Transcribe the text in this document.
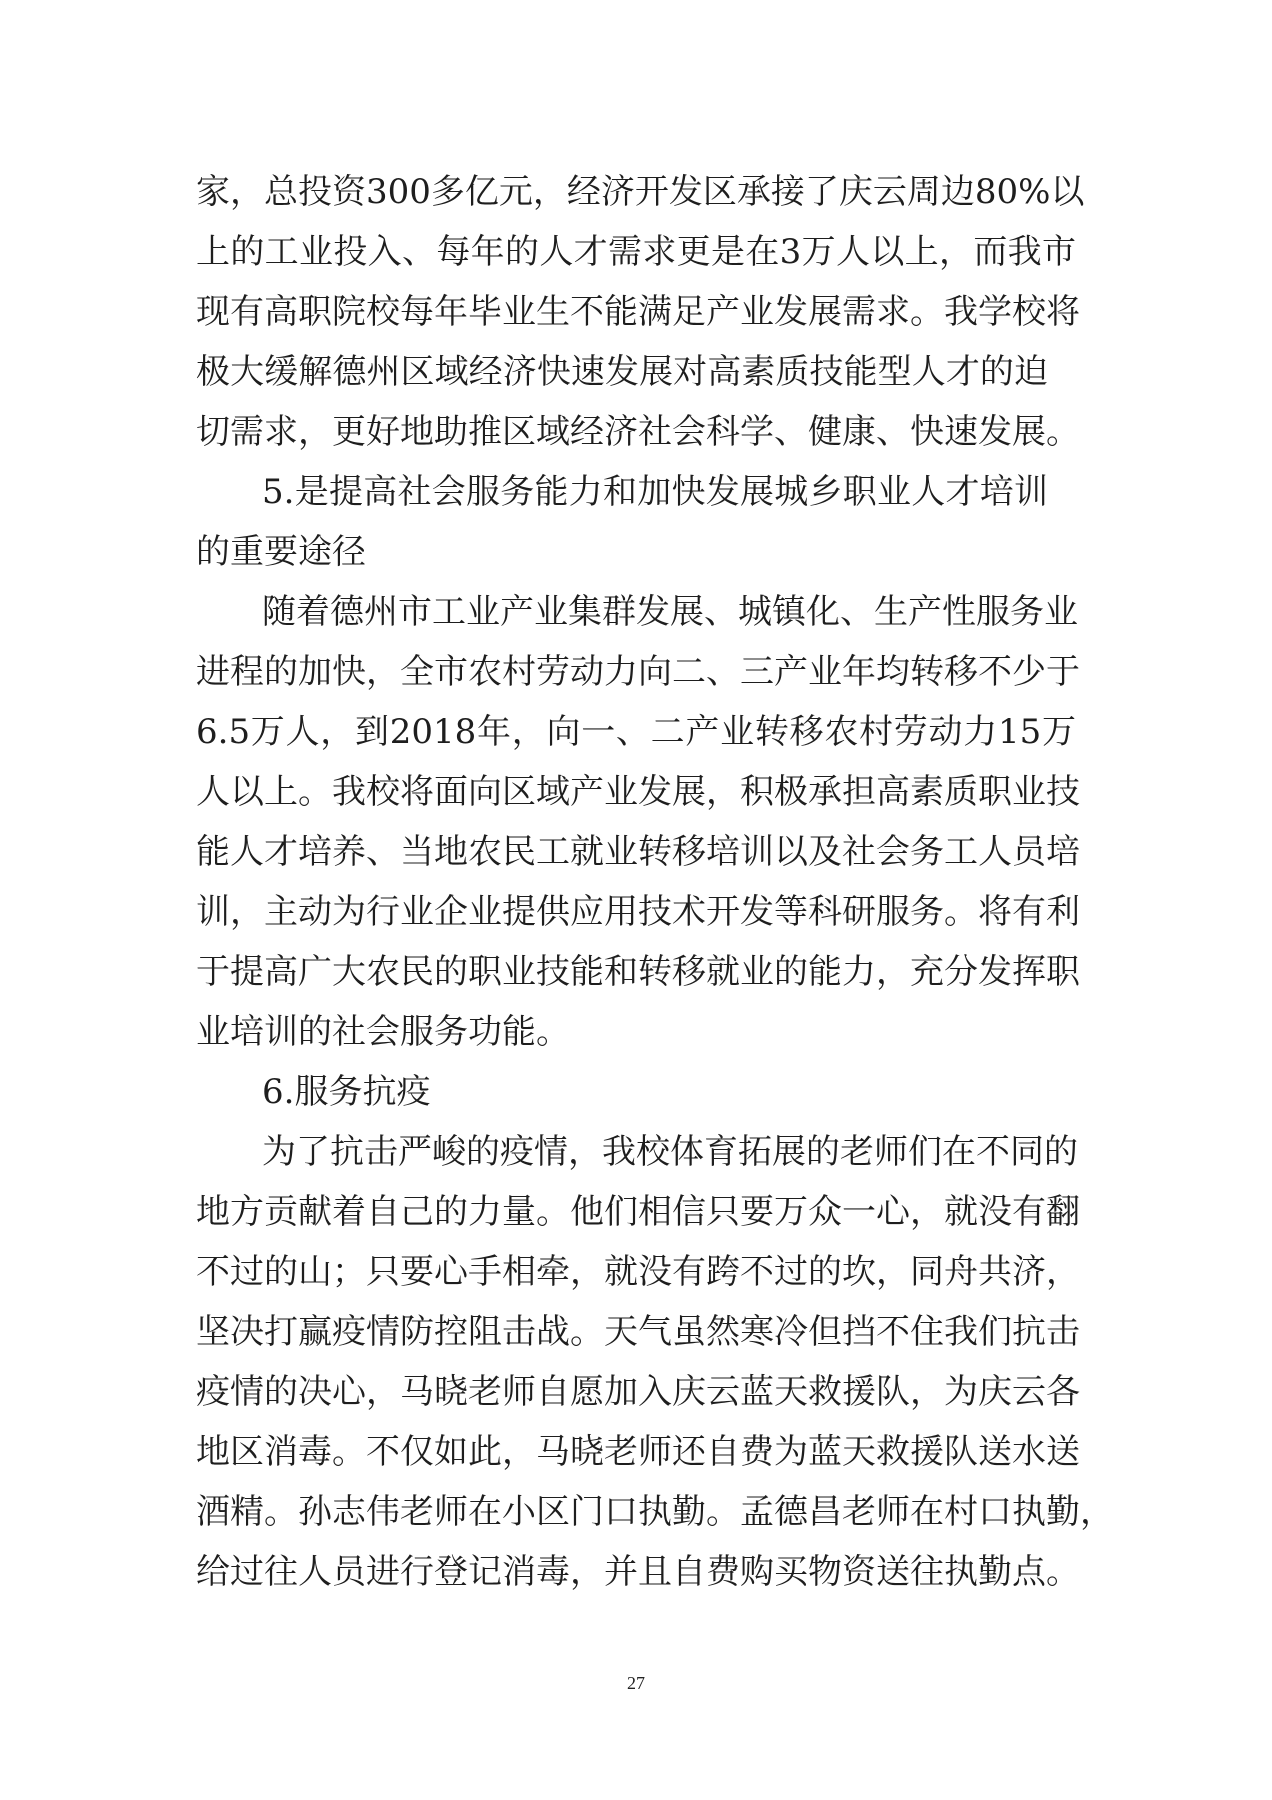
家，总投资300多亿元，经济开发区承接了庆云周边80%以
上的工业投入、每年的人才需求更是在3万人以上，而我市
现有高职院校每年毕业生不能满足产业发展需求。我学校将
极大缓解德州区域经济快速发展对高素质技能型人才的迫
切需求，更好地助推区域经济社会科学、健康、快速发展。
5.是提高社会服务能力和加快发展城乡职业人才培训
的重要途径
随着德州市工业产业集群发展、城镇化、生产性服务业
进程的加快，全市农村劳动力向二、三产业年均转移不少于
6.5万人，到2018年，向一、二产业转移农村劳动力15万
人以上。我校将面向区域产业发展，积极承担高素质职业技
能人才培养、当地农民工就业转移培训以及社会务工人员培
训，主动为行业企业提供应用技术开发等科研服务。将有利
于提高广大农民的职业技能和转移就业的能力，充分发挥职
业培训的社会服务功能。
6.服务抗疫
为了抗击严峻的疫情，我校体育拓展的老师们在不同的
地方贡献着自己的力量。他们相信只要万众一心，就没有翻
不过的山；只要心手相牵，就没有跨不过的坎，同舟共济，
坚决打赢疫情防控阻击战。天气虽然寒冷但挡不住我们抗击
疫情的决心，马晓老师自愿加入庆云蓝天救援队，为庆云各
地区消毒。不仅如此，马晓老师还自费为蓝天救援队送水送
酒精。孙志伟老师在小区门口执勤。孟德昌老师在村口执勤，
给过往人员进行登记消毒，并且自费购买物资送往执勤点。
27
